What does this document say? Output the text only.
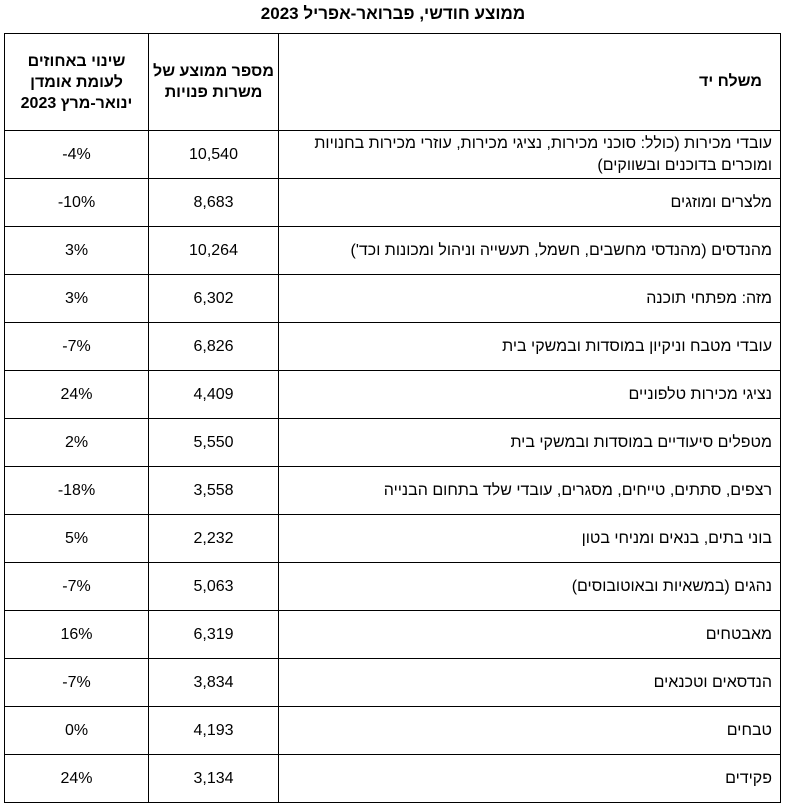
ממוצע חודשי, פברואר-אפריל 2023
שינוי באחוזים לעומת אומדן ינואר-מרץ 2023	מספר ממוצע של משרות פנויות	משלח יד
-4%	10,540	עובדי מכירות (כולל: סוכני מכירות, נציגי מכירות, עוזרי מכירות בחנויות ומוכרים בדוכנים ובשווקים)
-10%	8,683	מלצרים ומוזגים
3%	10,264	מהנדסים (מהנדסי מחשבים, חשמל, תעשייה וניהול ומכונות וכד')
3%	6,302	מזה: מפתחי תוכנה
-7%	6,826	עובדי מטבח וניקיון במוסדות ובמשקי בית
24%	4,409	נציגי מכירות טלפוניים
2%	5,550	מטפלים סיעודיים במוסדות ובמשקי בית
-18%	3,558	רצפים, סתתים, טייחים, מסגרים, עובדי שלד בתחום הבנייה
5%	2,232	בוני בתים, בנאים ומניחי בטון
-7%	5,063	נהגים (במשאיות ובאוטובוסים)
16%	6,319	מאבטחים
-7%	3,834	הנדסאים וטכנאים
0%	4,193	טבחים
24%	3,134	פקידים
